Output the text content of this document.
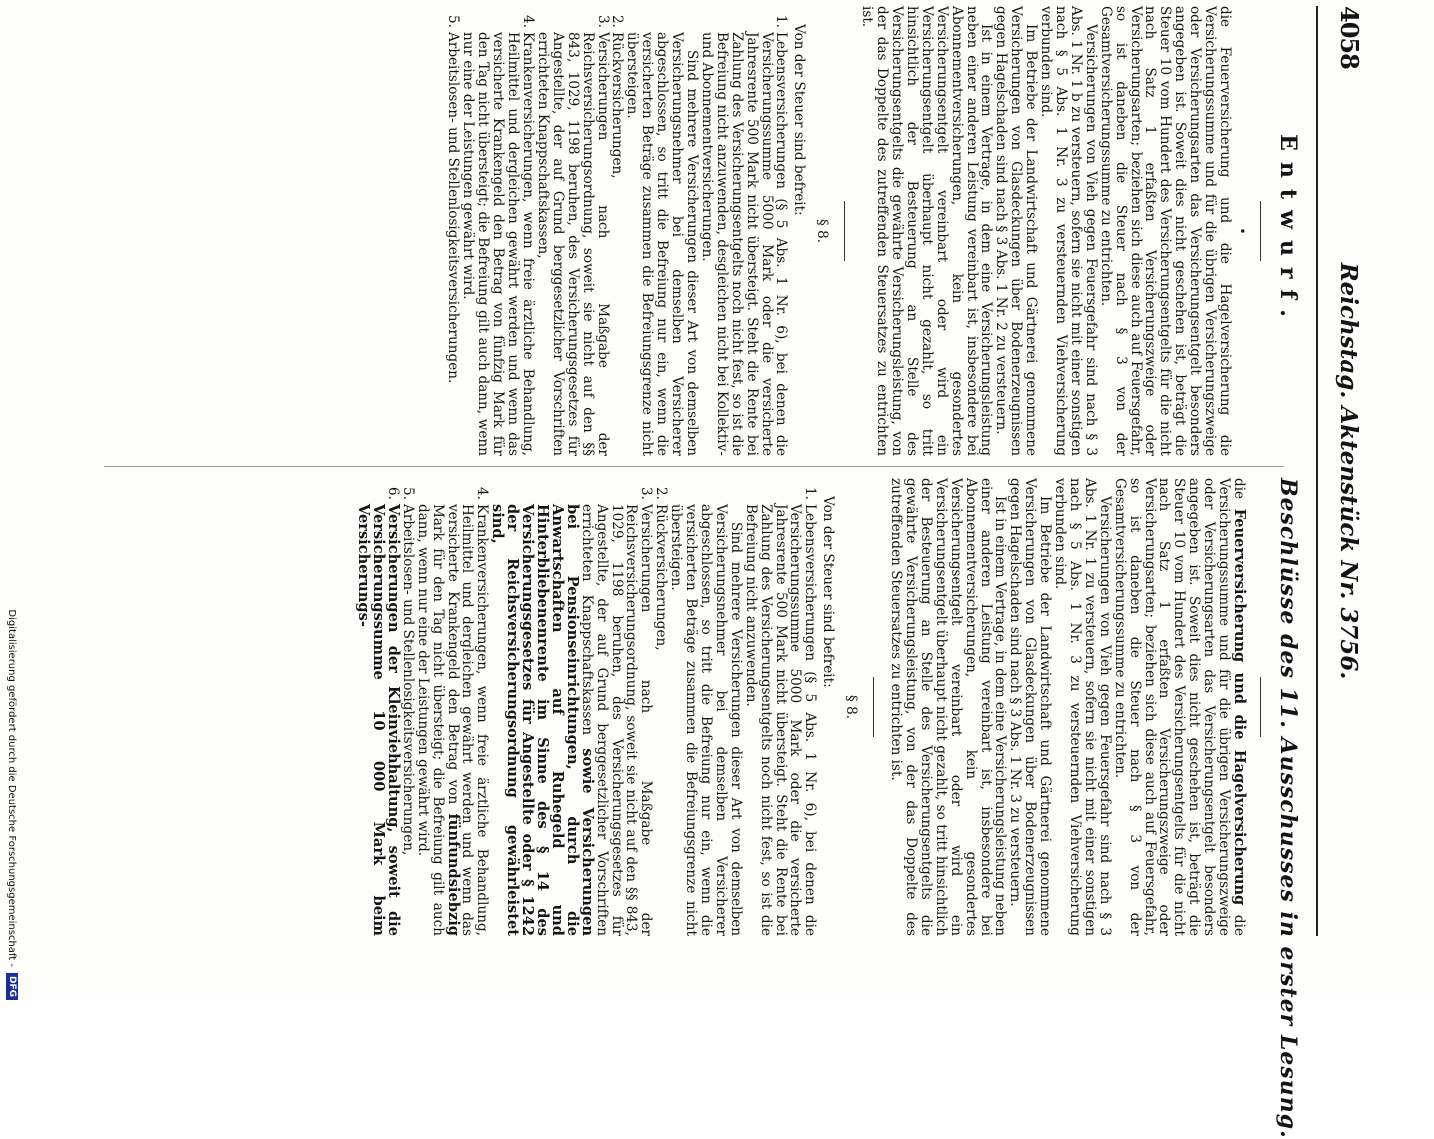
4058
Reichstag. Aktenstück Nr. 3756.
Entwurf.
•

die Feuerversicherung und die Hagelversicherung die Versicherungssumme und für die übrigen Versicherungszweige oder Versicherungsarten das Versicherungsentgelt besonders angegeben ist. Soweit dies nicht geschehen ist, beträgt die Steuer 10 vom Hundert des Versicherungsentgelts für die nicht nach Satz 1 erfaßten Versicherungszweige oder Versicherungsarten; beziehen sich diese auch auf Feuersgefahr, so ist daneben die Steuer nach § 3 von der Gesamtversicherungssumme zu entrichten.

Versicherungen von Vieh gegen Feuersgefahr sind nach § 3 Abs. 1 Nr. 1 b zu versteuern, sofern sie nicht mit einer sonstigen nach § 5 Abs. 1 Nr. 3 zu versteuernden Viehversicherung verbunden sind.

Im Betriebe der Landwirtschaft und Gärtnerei genommene Versicherungen von Glasdeckungen über Bodenerzeugnissen gegen Hagelschaden sind nach § 3 Abs. 1 Nr. 2 zu versteuern.

Ist in einem Vertrage, in dem eine Versicherungsleistung neben einer anderen Leistung vereinbart ist, insbesondere bei Abonnementversicherungen, kein gesondertes Versicherungsentgelt vereinbart oder wird ein Versicherungsentgelt überhaupt nicht gezahlt, so tritt hinsichtlich der Besteuerung an Stelle des Versicherungsentgelts die gewährte Versicherungsleistung, von der das Doppelte des zutreffenden Steuersatzes zu entrichten ist.

§ 8.

Von der Steuer sind befreit:

1.
Lebensversicherungen (§ 5 Abs. 1 Nr. 6), bei denen die Versicherungssumme 5000 Mark oder die versicherte Jahresrente 500 Mark nicht übersteigt. Steht die Rente bei Zahlung des Versicherungsentgelts noch nicht fest, so ist die Befreiung nicht anzuwenden, desgleichen nicht bei Kollektiv- und Abonnementversicherungen.
Sind mehrere Versicherungen dieser Art von demselben Versicherungsnehmer bei demselben Versicherer abgeschlossen, so tritt die Befreiung nur ein, wenn die versicherten Beträge zusammen die Befreiungsgrenze nicht übersteigen.
2.
Rückversicherungen,
3.
Versicherungen nach Maßgabe der Reichsversicherungsordnung, soweit sie nicht auf den §§ 843, 1029, 1198 beruhen, des Versicherungsgesetzes für Angestellte, der auf Grund berggesetzlicher Vorschriften errichteten Knappschaftskassen,
4.
Krankenversicherungen, wenn freie ärztliche Behandlung, Heilmittel und dergleichen gewährt werden und wenn das versicherte Krankengeld den Betrag von fünfzig Mark für den Tag nicht übersteigt; die Befreiung gilt auch dann, wenn nur eine der Leistungen gewährt wird.
5.
Arbeitslosen- und Stellenlosigkeitsversicherungen.
Beschlüsse des 11. Ausschusses in erster Lesung.

die Feuerversicherung und die Hagelversicherung die Versicherungssumme und für die übrigen Versicherungszweige oder Versicherungsarten das Versicherungsentgelt besonders angegeben ist. Soweit dies nicht geschehen ist, beträgt die Steuer 10 vom Hundert des Versicherungsentgelts für die nicht nach Satz 1 erfaßten Versicherungszweige oder Versicherungsarten; beziehen sich diese auch auf Feuersgefahr, so ist daneben die Steuer nach § 3 von der Gesamtversicherungssumme zu entrichten.

Versicherungen von Vieh gegen Feuersgefahr sind nach § 3 Abs. 1 Nr. 1 zu versteuern, sofern sie nicht mit einer sonstigen nach § 5 Abs. 1 Nr. 3 zu versteuernden Viehversicherung verbunden sind.

Im Betriebe der Landwirtschaft und Gärtnerei genommene Versicherungen von Glasdeckungen über Bodenerzeugnissen gegen Hagelschaden sind nach § 3 Abs. 1 Nr. 3 zu versteuern.

Ist in einem Vertrage, in dem eine Versicherungsleistung neben einer anderen Leistung vereinbart ist, insbesondere bei Abonnementversicherungen, kein gesondertes Versicherungsentgelt vereinbart oder wird ein Versicherungsentgelt überhaupt nicht gezahlt, so tritt hinsichtlich der Besteuerung an Stelle des Versicherungsentgelts die gewährte Versicherungsleistung, von der das Doppelte des zutreffenden Steuersatzes zu entrichten ist.

§ 8.

Von der Steuer sind befreit:

1.
Lebensversicherungen (§ 5 Abs. 1 Nr. 6), bei denen die Versicherungssumme 5000 Mark oder die versicherte Jahresrente 500 Mark nicht übersteigt. Steht die Rente bei Zahlung des Versicherungsentgelts noch nicht fest, so ist die Befreiung nicht anzuwenden.
Sind mehrere Versicherungen dieser Art von demselben Versicherungsnehmer bei demselben Versicherer abgeschlossen, so tritt die Befreiung nur ein, wenn die versicherten Beträge zusammen die Befreiungsgrenze nicht übersteigen.
2.
Rückversicherungen,
3.
Versicherungen nach Maßgabe der Reichsversicherungsordnung, soweit sie nicht auf den §§ 843, 1029, 1198 beruhen, des Versicherungsgesetzes für Angestellte, der auf Grund berggesetzlicher Vorschriften errichteten Knappschaftskassen sowie Versicherungen bei Pensionseinrichtungen, durch die Anwartschaften auf Ruhegeld und Hinterbliebenenrente im Sinne des § 14 des Versicherungsgesetzes für Angestellte oder § 1242 der Reichsversicherungsordnung gewährleistet sind,
4.
Krankenversicherungen, wenn freie ärztliche Behandlung, Heilmittel und dergleichen gewährt werden und wenn das versicherte Krankengeld den Betrag von fünfundsiebzig Mark für den Tag nicht übersteigt; die Befreiung gilt auch dann, wenn nur eine der Leistungen gewährt wird.
5.
Arbeitslosen- und Stellenlosigkeitsversicherungen,
6.
Versicherungen der Kleinviehhaltung, soweit die Versicherungssumme 10 000 Mark beim Versicherungs-
Digitalisierung gefördert durch die Deutsche Forschungsgemeinschaft -
DFG
